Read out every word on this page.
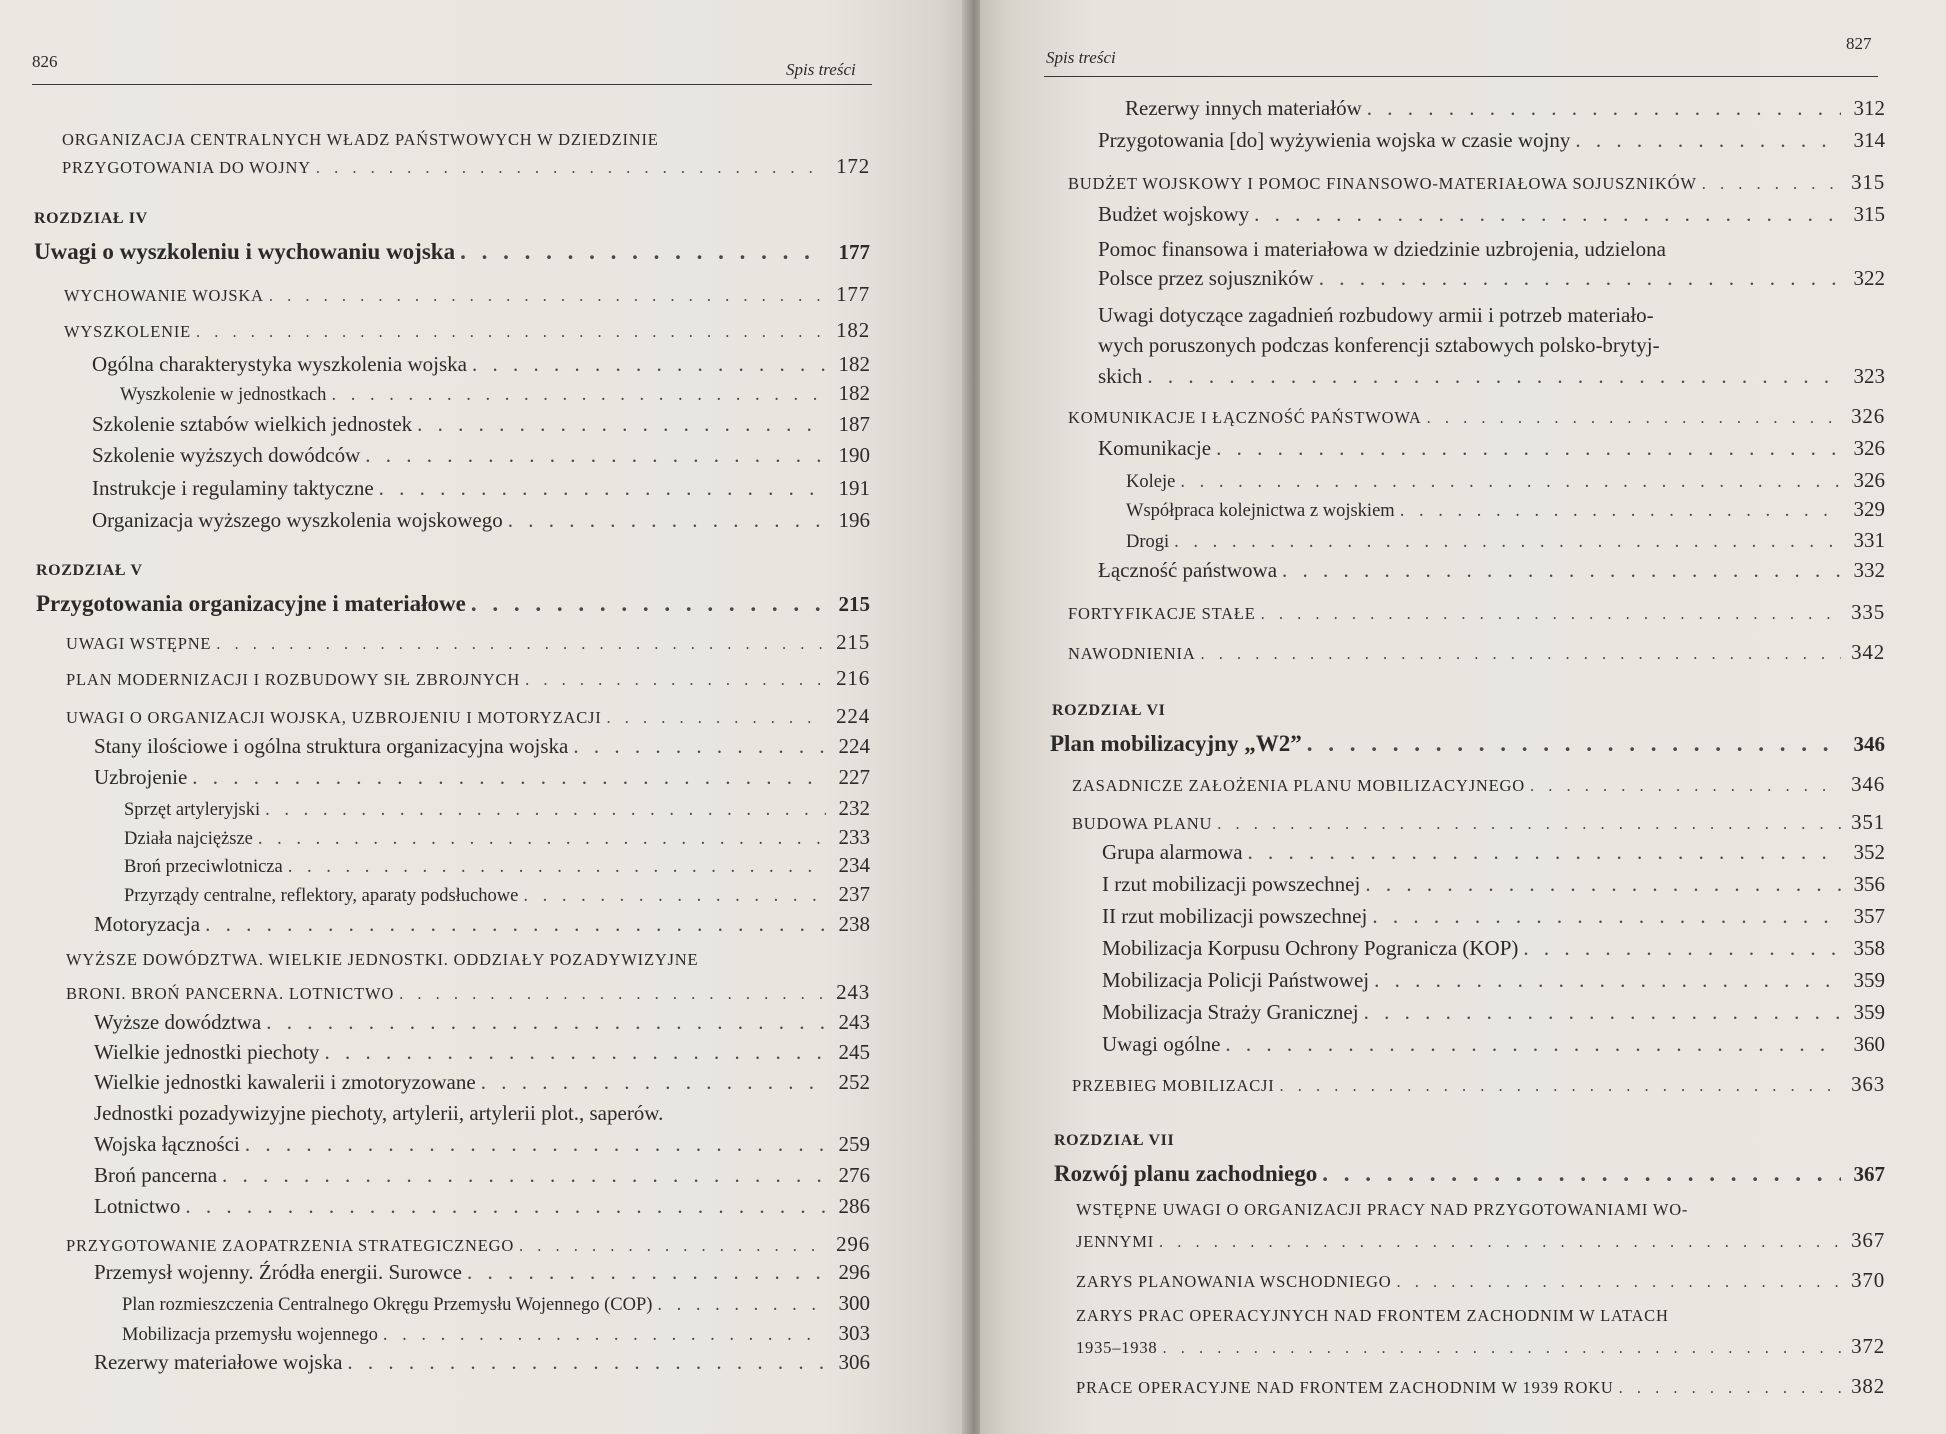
826	Spis treści
ORGANIZACJA CENTRALNYCH WŁADZ PAŃSTWOWYCH W DZIEDZINIE
PRZYGOTOWANIA DO WOJNY . . .	172
ROZDZIAŁ IV
Uwagi o wyszkoleniu i wychowaniu wojska . . .	177
WYCHOWANIE WOJSKA . . .	177
WYSZKOLENIE . . .	182
Ogólna charakterystyka wyszkolenia wojska . . .	182
Wyszkolenie w jednostkach . . .	182
Szkolenie sztabów wielkich jednostek . . .	187
Szkolenie wyższych dowódców . . .	190
Instrukcje i regulaminy taktyczne . . .	191
Organizacja wyższego wyszkolenia wojskowego . . .	196
ROZDZIAŁ V
Przygotowania organizacyjne i materiałowe . . .	215
UWAGI WSTĘPNE . . .	215
PLAN MODERNIZACJI I ROZBUDOWY SIŁ ZBROJNYCH . . .	216
UWAGI O ORGANIZACJI WOJSKA, UZBROJENIU I MOTORYZACJI . . .	224
Stany ilościowe i ogólna struktura organizacyjna wojska . . .	224
Uzbrojenie . . .	227
Sprzęt artyleryjski . . .	232
Działa najcięższe . . .	233
Broń przeciwlotnicza . . .	234
Przyrządy centralne, reflektory, aparaty podsłuchowe . . .	237
Motoryzacja . . .	238
WYŻSZE DOWÓDZTWA. WIELKIE JEDNOSTKI. ODDZIAŁY POZADYWIZYJNE
BRONI. BROŃ PANCERNA. LOTNICTWO . . .	243
Wyższe dowództwa . . .	243
Wielkie jednostki piechoty . . .	245
Wielkie jednostki kawalerii i zmotoryzowane . . .	252
Jednostki pozadywizyjne piechoty, artylerii, artylerii plot., saperów.
Wojska łączności . . .	259
Broń pancerna . . .	276
Lotnictwo . . .	286
PRZYGOTOWANIE ZAOPATRZENIA STRATEGICZNEGO . . .	296
Przemysł wojenny. Źródła energii. Surowce . . .	296
Plan rozmieszczenia Centralnego Okręgu Przemysłu Wojennego (COP) . . .	300
Mobilizacja przemysłu wojennego . . .	303
Rezerwy materiałowe wojska . . .	306
Spis treści
827
Rezerwy innych materiałów . . .	312
Przygotowania [do] wyżywienia wojska w czasie wojny . . .	314
BUDŻET WOJSKOWY I POMOC FINANSOWO-MATERIAŁOWA SOJUSZNIKÓW . . .	315
Budżet wojskowy . . .	315
Pomoc finansowa i materiałowa w dziedzinie uzbrojenia, udzielona
Polsce przez sojuszników . . .	322
Uwagi dotyczące zagadnień rozbudowy armii i potrzeb materiało-
wych poruszonych podczas konferencji sztabowych polsko-brytyj-
skich . . .	323
KOMUNIKACJE I ŁĄCZNOŚĆ PAŃSTWOWA . . .	326
Komunikacje . . .	326
Koleje . . .	326
Współpraca kolejnictwa z wojskiem . . .	329
Drogi . . .	331
Łączność państwowa . . .	332
FORTYFIKACJE STAŁE . . .	335
NAWODNIENIA . . .	342
ROZDZIAŁ VI
Plan mobilizacyjny „W2” . . .	346
ZASADNICZE ZAŁOŻENIA PLANU MOBILIZACYJNEGO . . .	346
BUDOWA PLANU . . .	351
Grupa alarmowa . . .	352
I rzut mobilizacji powszechnej . . .	356
II rzut mobilizacji powszechnej . . .	357
Mobilizacja Korpusu Ochrony Pogranicza (KOP) . . .	358
Mobilizacja Policji Państwowej . . .	359
Mobilizacja Straży Granicznej . . .	359
Uwagi ogólne . . .	360
PRZEBIEG MOBILIZACJI . . .	363
ROZDZIAŁ VII
Rozwój planu zachodniego . . .	367
WSTĘPNE UWAGI O ORGANIZACJI PRACY NAD PRZYGOTOWANIAMI WO-
JENNYMI . . .	367
ZARYS PLANOWANIA WSCHODNIEGO . . .	370
ZARYS PRAC OPERACYJNYCH NAD FRONTEM ZACHODNIM W LATACH
1935–1938 . . .	372
PRACE OPERACYJNE NAD FRONTEM ZACHODNIM W 1939 ROKU . . .	382
